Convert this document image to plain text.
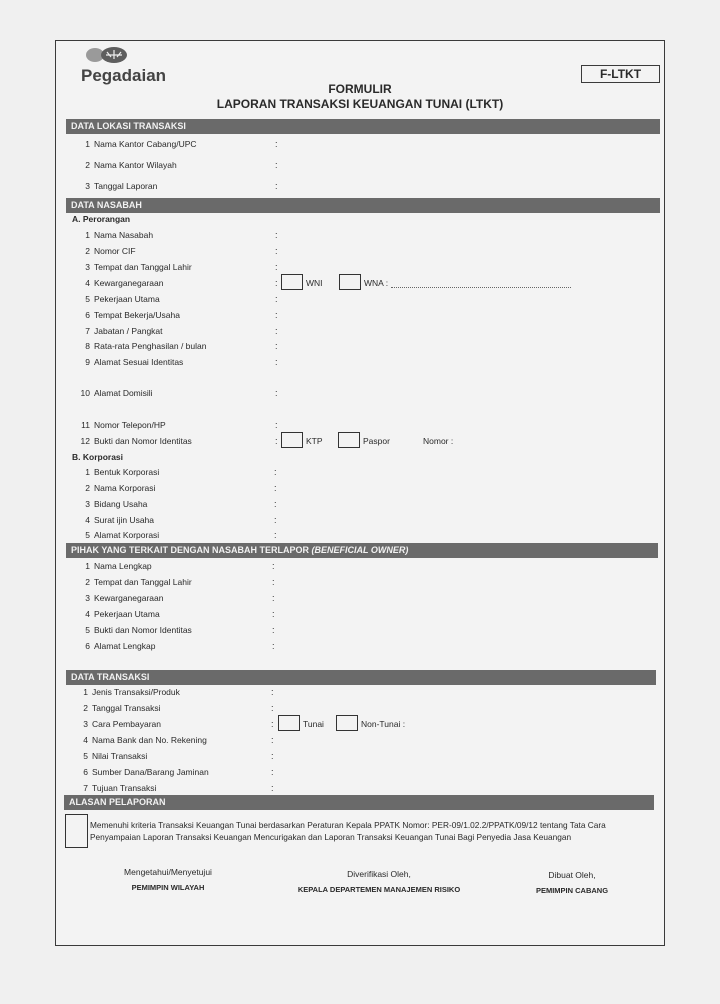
Pegadaian	F-LTKT
FORMULIR
LAPORAN TRANSAKSI KEUANGAN TUNAI (LTKT)
DATA LOKASI TRANSAKSI
1 Nama Kantor Cabang/UPC	:
2 Nama Kantor Wilayah	:
3 Tanggal Laporan	:
DATA NASABAH
A. Perorangan
1 Nama Nasabah	:
2 Nomor CIF	:
3 Tempat dan Tanggal Lahir	:
4 Kewarganegaraan	:	WNI	WNA :
5 Pekerjaan Utama	:
6 Tempat Bekerja/Usaha	:
7 Jabatan / Pangkat	:
8 Rata-rata Penghasilan / bulan	:
9 Alamat Sesuai Identitas	:
10 Alamat Domisili	:
11 Nomor Telepon/HP	:
12 Bukti dan Nomor Identitas	:	KTP	Paspor	Nomor :
B. Korporasi
1 Bentuk Korporasi	:
2 Nama Korporasi	:
3 Bidang Usaha	:
4 Surat ijin Usaha	:
5 Alamat Korporasi	:
PIHAK YANG TERKAIT DENGAN NASABAH TERLAPOR (BENEFICIAL OWNER)
1 Nama Lengkap	:
2 Tempat dan Tanggal Lahir	:
3 Kewarganegaraan	:
4 Pekerjaan Utama	:
5 Bukti dan Nomor Identitas	:
6 Alamat Lengkap	:
DATA TRANSAKSI
1 Jenis Transaksi/Produk	:
2 Tanggal Transaksi	:
3 Cara Pembayaran	:	Tunai	Non-Tunai :
4 Nama Bank dan No. Rekening	:
5 Nilai Transaksi	:
6 Sumber Dana/Barang Jaminan	:
7 Tujuan Transaksi	:
ALASAN PELAPORAN
Memenuhi kriteria Transaksi Keuangan Tunai berdasarkan Peraturan Kepala PPATK Nomor: PER-09/1.02.2/PPATK/09/12 tentang Tata Cara
Penyampaian Laporan Transaksi Keuangan Mencurigakan dan Laporan Transaksi Keuangan Tunai Bagi Penyedia Jasa Keuangan
Mengetahui/Menyetujui
PEMIMPIN WILAYAH
Diverifikasi Oleh,
KEPALA DEPARTEMEN MANAJEMEN RISIKO
Dibuat Oleh,
PEMIMPIN CABANG
